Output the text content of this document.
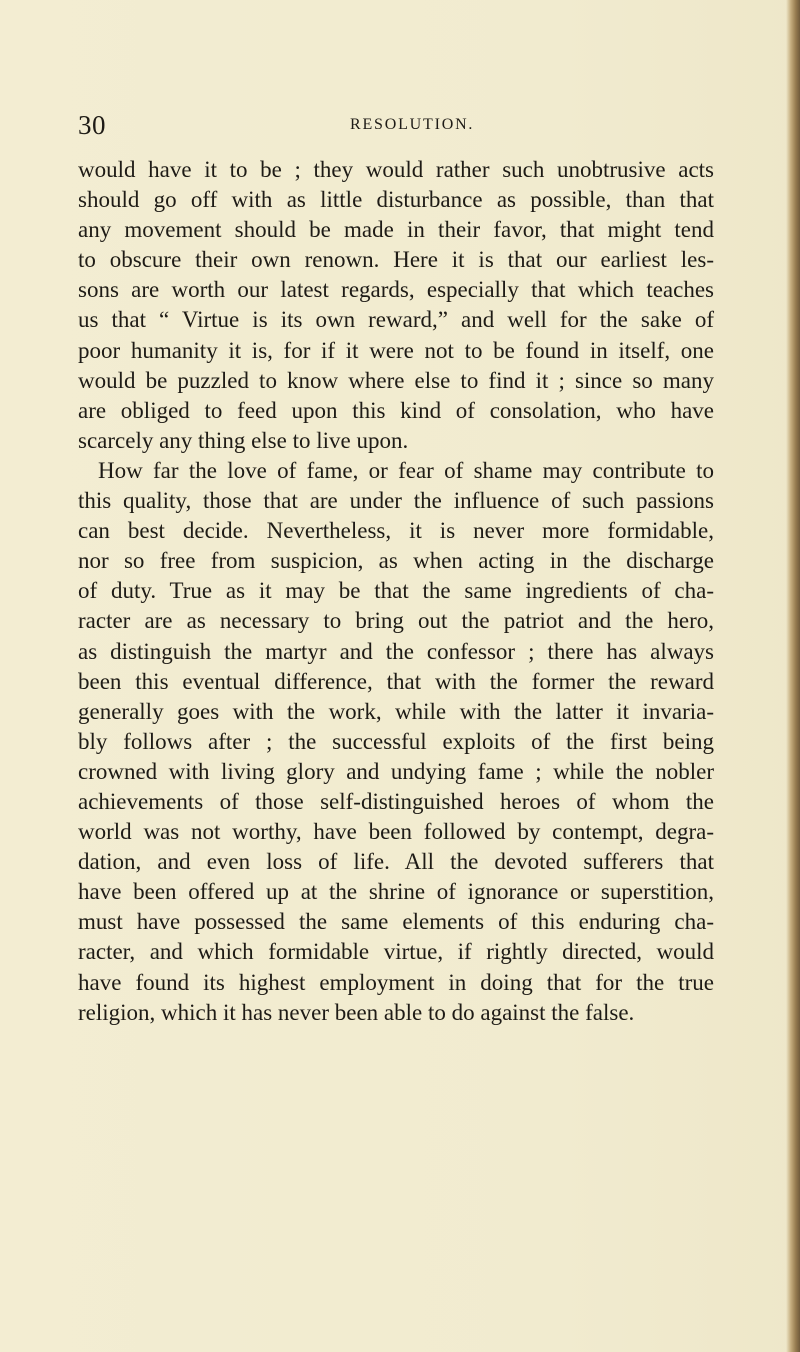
30	RESOLUTION.
would have it to be ; they would rather such unobtrusive acts
should go off with as little disturbance as possible, than that
any movement should be made in their favor, that might tend
to obscure their own renown. Here it is that our earliest les-
sons are worth our latest regards, especially that which teaches
us that “ Virtue is its own reward,” and well for the sake of
poor humanity it is, for if it were not to be found in itself, one
would be puzzled to know where else to find it ; since so many
are obliged to feed upon this kind of consolation, who have
scarcely any thing else to live upon.
How far the love of fame, or fear of shame may contribute to
this quality, those that are under the influence of such passions
can best decide. Nevertheless, it is never more formidable,
nor so free from suspicion, as when acting in the discharge
of duty. True as it may be that the same ingredients of cha-
racter are as necessary to bring out the patriot and the hero,
as distinguish the martyr and the confessor ; there has always
been this eventual difference, that with the former the reward
generally goes with the work, while with the latter it invaria-
bly follows after ; the successful exploits of the first being
crowned with living glory and undying fame ; while the nobler
achievements of those self-distinguished heroes of whom the
world was not worthy, have been followed by contempt, degra-
dation, and even loss of life. All the devoted sufferers that
have been offered up at the shrine of ignorance or superstition,
must have possessed the same elements of this enduring cha-
racter, and which formidable virtue, if rightly directed, would
have found its highest employment in doing that for the true
religion, which it has never been able to do against the false.
